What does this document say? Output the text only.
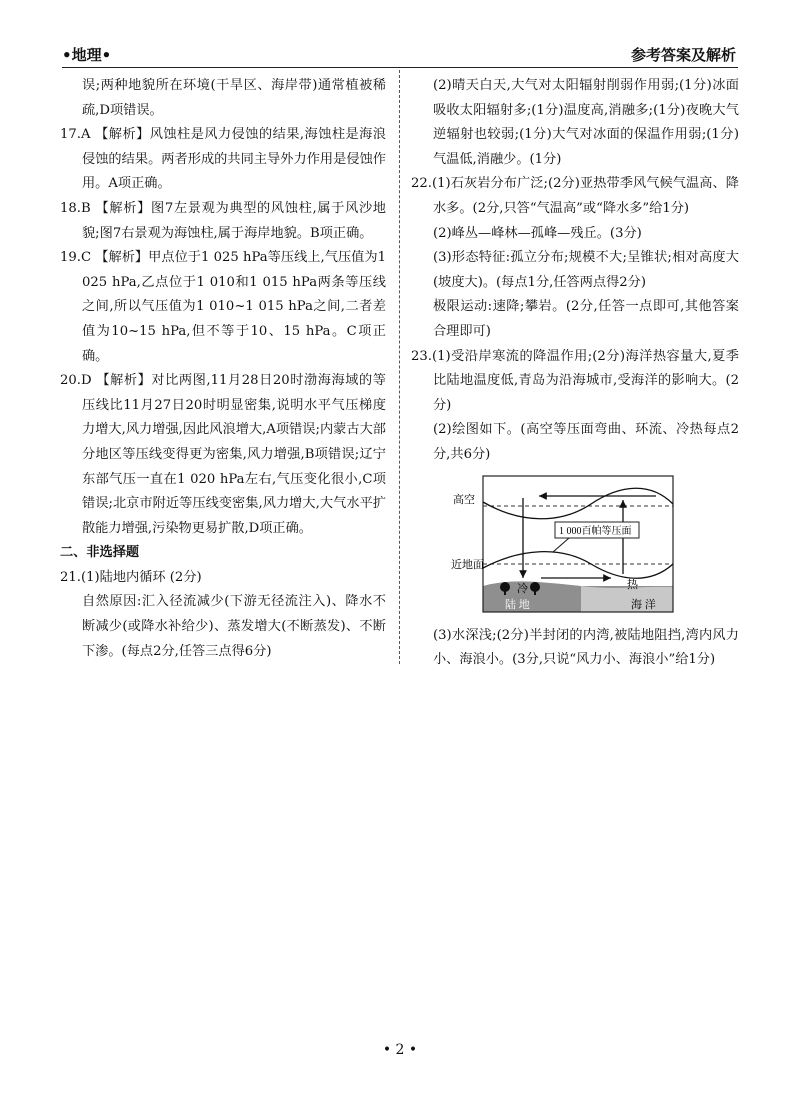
•地理•	参考答案及解析

误;两种地貌所在环境(干旱区、海岸带)通常植被稀疏,D项错误。

17.A 【解析】风蚀柱是风力侵蚀的结果,海蚀柱是海浪侵蚀的结果。两者形成的共同主导外力作用是侵蚀作用。A项正确。

18.B 【解析】图7左景观为典型的风蚀柱,属于风沙地貌;图7右景观为海蚀柱,属于海岸地貌。B项正确。

19.C 【解析】甲点位于1 025 hPa等压线上,气压值为1 025 hPa,乙点位于1 010和1 015 hPa两条等压线之间,所以气压值为1 010~1 015 hPa之间,二者差值为10~15 hPa,但不等于10、15 hPa。C项正确。

20.D 【解析】对比两图,11月28日20时渤海海域的等压线比11月27日20时明显密集,说明水平气压梯度力增大,风力增强,因此风浪增大,A项错误;内蒙古大部分地区等压线变得更为密集,风力增强,B项错误;辽宁东部气压一直在1 020 hPa左右,气压变化很小,C项错误;北京市附近等压线变密集,风力增大,大气水平扩散能力增强,污染物更易扩散,D项正确。

二、非选择题

21.(1)陆地内循环 (2分)

自然原因:汇入径流减少(下游无径流注入)、降水不断减少(或降水补给少)、蒸发增大(不断蒸发)、不断下渗。(每点2分,任答三点得6分)

(2)晴天白天,大气对太阳辐射削弱作用弱;(1分)冰面吸收太阳辐射多;(1分)温度高,消融多;(1分)夜晚大气逆辐射也较弱;(1分)大气对冰面的保温作用弱;(1分)气温低,消融少。(1分)

22.(1)石灰岩分布广泛;(2分)亚热带季风气候气温高、降水多。(2分,只答“气温高”或“降水多”给1分)

(2)峰丛—峰林—孤峰—残丘。(3分)

(3)形态特征:孤立分布;规模不大;呈锥状;相对高度大(坡度大)。(每点1分,任答两点得2分)

极限运动:速降;攀岩。(2分,任答一点即可,其他答案合理即可)

23.(1)受沿岸寒流的降温作用;(2分)海洋热容量大,夏季比陆地温度低,青岛为沿海城市,受海洋的影响大。(2分)

(2)绘图如下。(高空等压面弯曲、环流、冷热每点2分,共6分)

高空
近地面
1 000百帕等压面
冷	热
陆 地	海 洋

(3)水深浅;(2分)半封闭的内湾,被陆地阻挡,湾内风力小、海浪小。(3分,只说“风力小、海浪小”给1分)

• 2 •
